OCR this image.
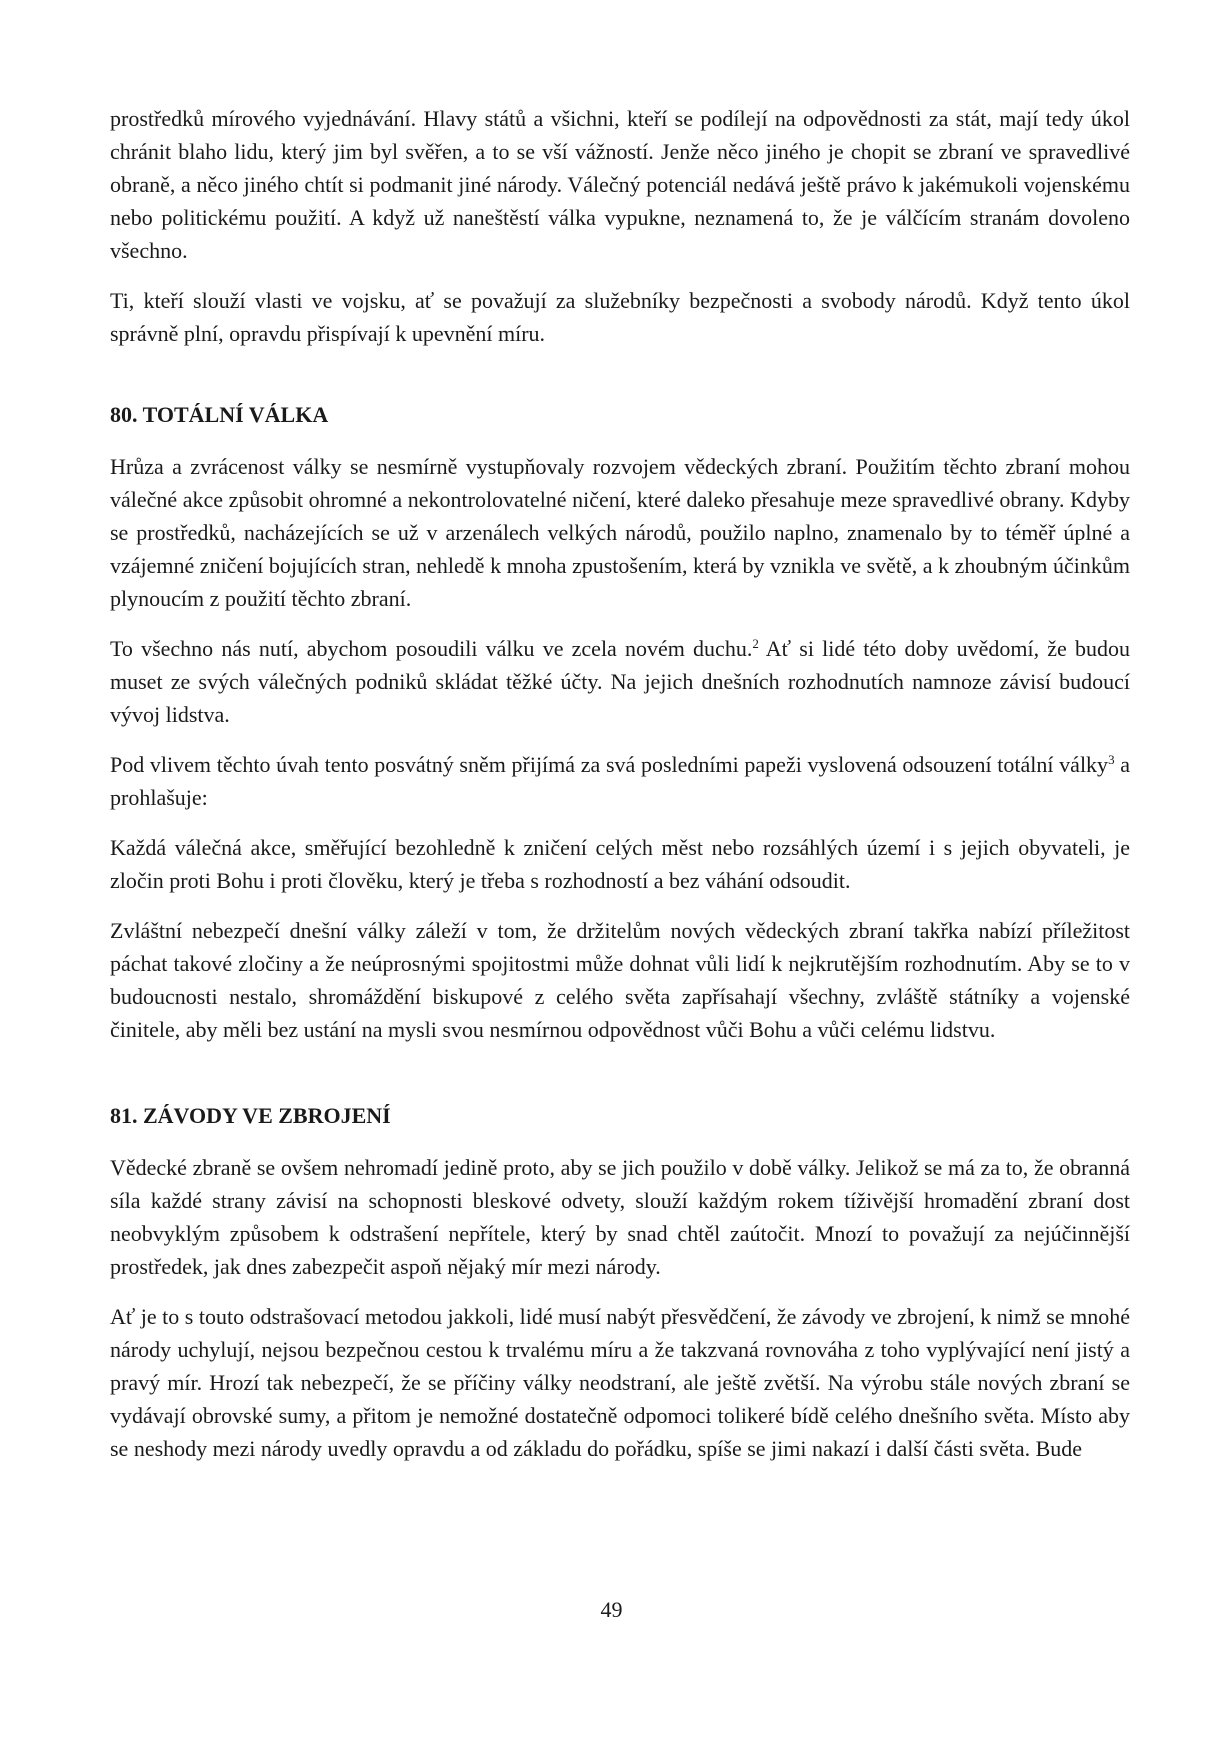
prostředků mírového vyjednávání. Hlavy států a všichni, kteří se podílejí na odpovědnosti za stát, mají tedy úkol chránit blaho lidu, který jim byl svěřen, a to se vší vážností. Jenže něco jiného je chopit se zbraní ve spravedlivé obraně, a něco jiného chtít si podmanit jiné národy. Válečný potenciál nedává ještě právo k jakémukoli vojenskému nebo politickému použití. A když už naneštěstí válka vypukne, neznamená to, že je válčícím stranám dovoleno všechno.

Ti, kteří slouží vlasti ve vojsku, ať se považují za služebníky bezpečnosti a svobody národů. Když tento úkol správně plní, opravdu přispívají k upevnění míru.

80. TOTÁLNÍ VÁLKA

Hrůza a zvrácenost války se nesmírně vystupňovaly rozvojem vědeckých zbraní. Použitím těchto zbraní mohou válečné akce způsobit ohromné a nekontrolovatelné ničení, které daleko přesahuje meze spravedlivé obrany. Kdyby se prostředků, nacházejících se už v arzenálech velkých národů, použilo naplno, znamenalo by to téměř úplné a vzájemné zničení bojujících stran, nehledě k mnoha zpustošením, která by vznikla ve světě, a k zhoubným účinkům plynoucím z použití těchto zbraní.

To všechno nás nutí, abychom posoudili válku ve zcela novém duchu.$^2$ Ať si lidé této doby uvědomí, že budou muset ze svých válečných podniků skládat těžké účty. Na jejich dnešních rozhodnutích namnoze závisí budoucí vývoj lidstva.

Pod vlivem těchto úvah tento posvátný sněm přijímá za svá posledními papeži vyslovená odsouzení totální války$^3$ a prohlašuje:

Každá válečná akce, směřující bezohledně k zničení celých měst nebo rozsáhlých území i s jejich obyvateli, je zločin proti Bohu i proti člověku, který je třeba s rozhodností a bez váhání odsoudit.

Zvláštní nebezpečí dnešní války záleží v tom, že držitelům nových vědeckých zbraní takřka nabízí příležitost páchat takové zločiny a že neúprosnými spojitostmi může dohnat vůli lidí k nejkrutějším rozhodnutím. Aby se to v budoucnosti nestalo, shromáždění biskupové z celého světa zapřísahají všechny, zvláště státníky a vojenské činitele, aby měli bez ustání na mysli svou nesmírnou odpovědnost vůči Bohu a vůči celému lidstvu.

81. ZÁVODY VE ZBROJENÍ

Vědecké zbraně se ovšem nehromadí jedině proto, aby se jich použilo v době války. Jelikož se má za to, že obranná síla každé strany závisí na schopnosti bleskové odvety, slouží každým rokem tíživější hromadění zbraní dost neobvyklým způsobem k odstrašení nepřítele, který by snad chtěl zaútočit. Mnozí to považují za nejúčinnější prostředek, jak dnes zabezpečit aspoň nějaký mír mezi národy.

Ať je to s touto odstrašovací metodou jakkoli, lidé musí nabýt přesvědčení, že závody ve zbrojení, k nimž se mnohé národy uchylují, nejsou bezpečnou cestou k trvalému míru a že takzvaná rovnováha z toho vyplývající není jistý a pravý mír. Hrozí tak nebezpečí, že se příčiny války neodstraní, ale ještě zvětší. Na výrobu stále nových zbraní se vydávají obrovské sumy, a přitom je nemožné dostatečně odpomoci tolikeré bídě celého dnešního světa. Místo aby se neshody mezi národy uvedly opravdu a od základu do pořádku, spíše se jimi nakazí i další části světa. Bude

49
